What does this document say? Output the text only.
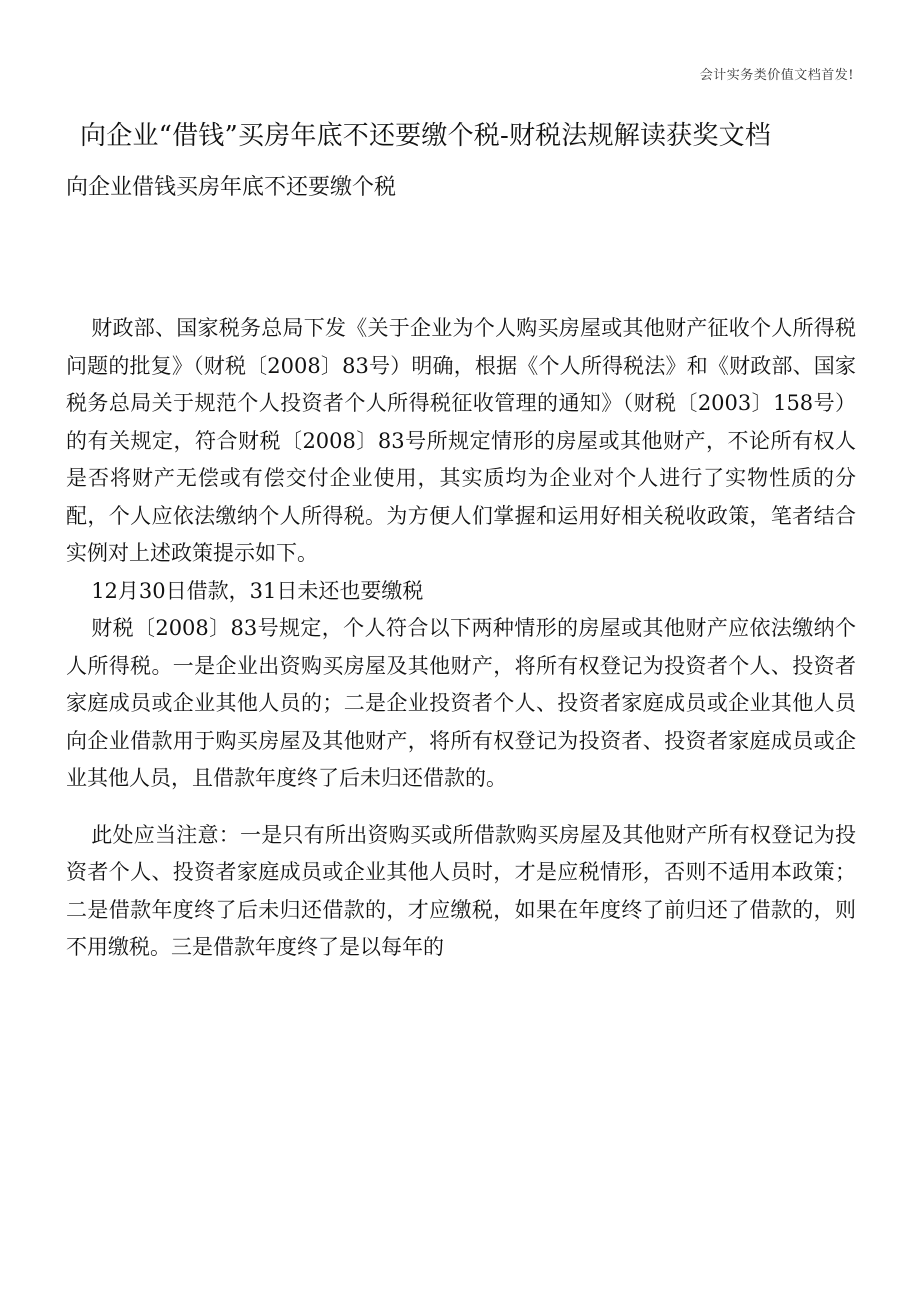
会计实务类价值文档首发!
向企业“借钱”买房年底不还要缴个税-财税法规解读获奖文档
向企业借钱买房年底不还要缴个税

财政部、国家税务总局下发《关于企业为个人购买房屋或其他财产征收个人所得税问题的批复》（财税〔2008〕83号）明确，根据《个人所得税法》和《财政部、国家税务总局关于规范个人投资者个人所得税征收管理的通知》（财税〔2003〕158号）的有关规定，符合财税〔2008〕83号所规定情形的房屋或其他财产，不论所有权人是否将财产无偿或有偿交付企业使用，其实质均为企业对个人进行了实物性质的分配，个人应依法缴纳个人所得税。为方便人们掌握和运用好相关税收政策，笔者结合实例对上述政策提示如下。

12月30日借款，31日未还也要缴税

财税〔2008〕83号规定，个人符合以下两种情形的房屋或其他财产应依法缴纳个人所得税。一是企业出资购买房屋及其他财产，将所有权登记为投资者个人、投资者家庭成员或企业其他人员的；二是企业投资者个人、投资者家庭成员或企业其他人员向企业借款用于购买房屋及其他财产，将所有权登记为投资者、投资者家庭成员或企业其他人员，且借款年度终了后未归还借款的。

此处应当注意：一是只有所出资购买或所借款购买房屋及其他财产所有权登记为投资者个人、投资者家庭成员或企业其他人员时，才是应税情形，否则不适用本政策；二是借款年度终了后未归还借款的，才应缴税，如果在年度终了前归还了借款的，则不用缴税。三是借款年度终了是以每年的
